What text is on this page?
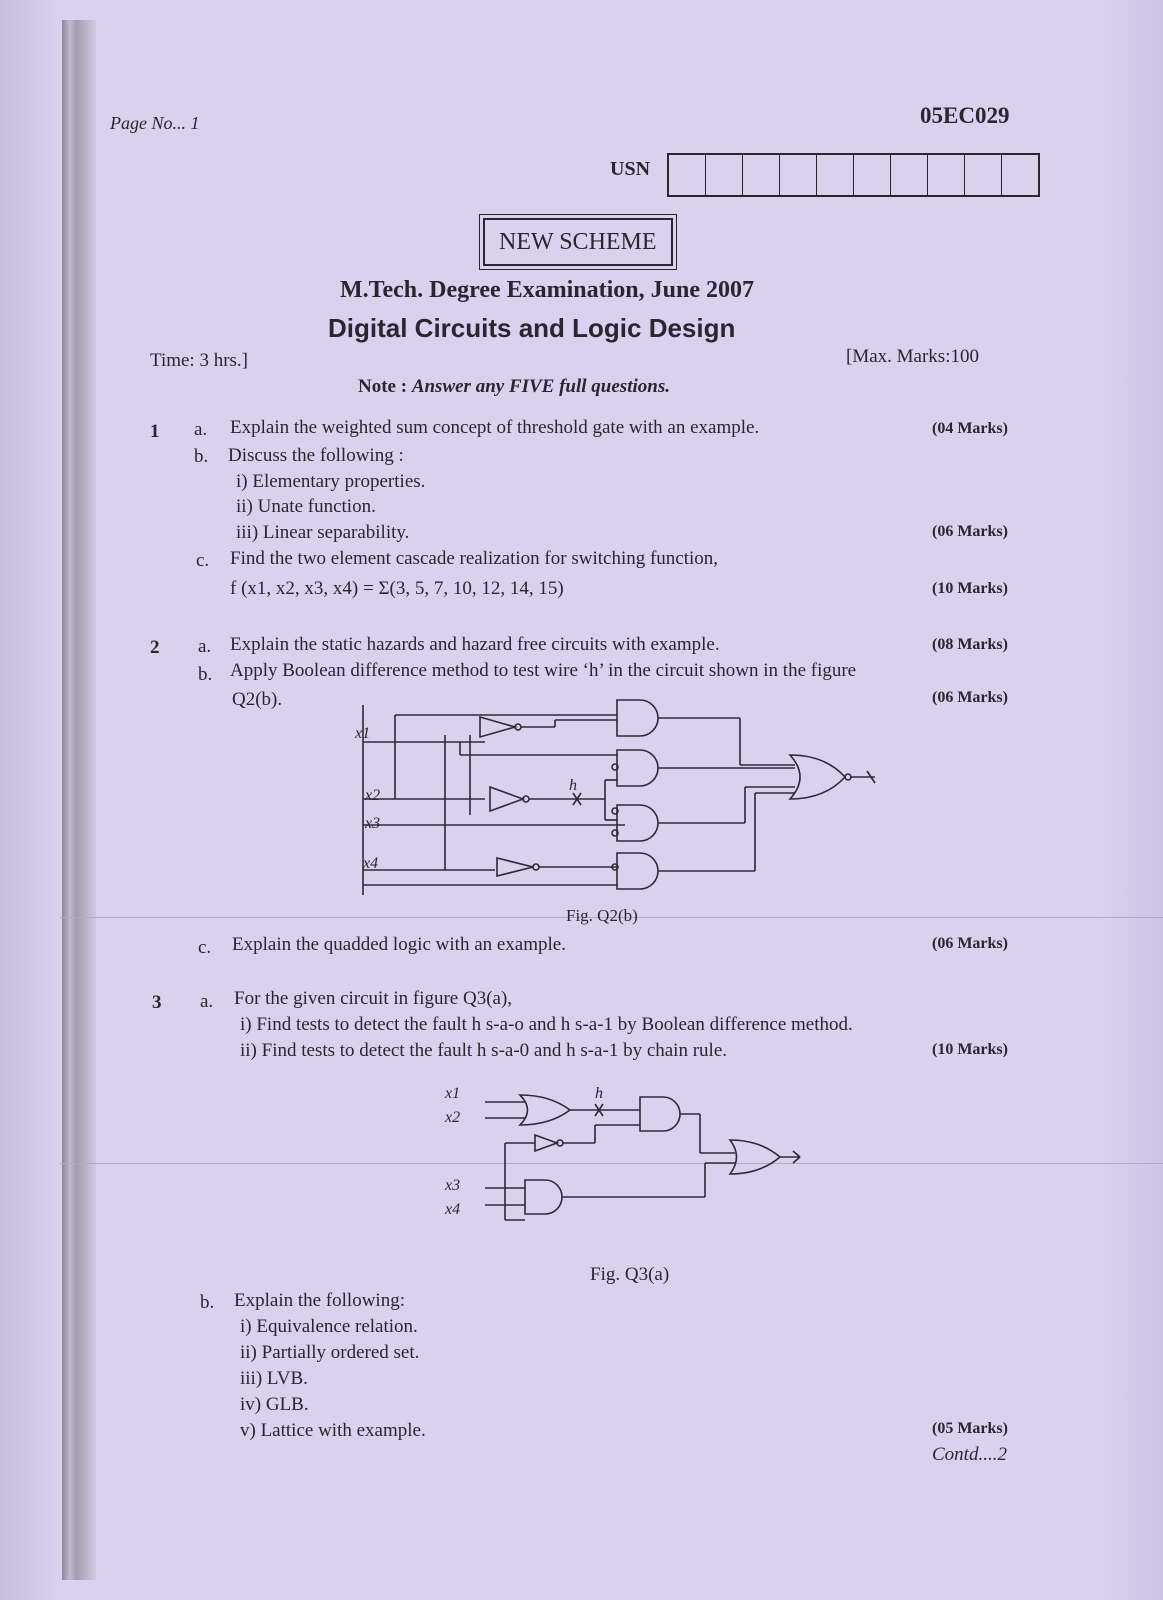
Page No... 1	05EC029
USN
NEW SCHEME
M.Tech. Degree Examination, June 2007
Digital Circuits and Logic Design
Time: 3 hrs.]	[Max. Marks:100
Note : Answer any FIVE full questions.
1 a. Explain the weighted sum concept of threshold gate with an example.	(04 Marks)
b. Discuss the following :
i) Elementary properties.
ii) Unate function.
iii) Linear separability.	(06 Marks)
c. Find the two element cascade realization for switching function,
f (x1, x2, x3, x4) = Σ(3, 5, 7, 10, 12, 14, 15)	(10 Marks)
2 a. Explain the static hazards and hazard free circuits with example.	(08 Marks)
b. Apply Boolean difference method to test wire ‘h’ in the circuit shown in the figure
Q2(b).	(06 Marks)
x1
x2
x3
x4
h
Fig. Q2(b)
c. Explain the quadded logic with an example.	(06 Marks)
3 a. For the given circuit in figure Q3(a),
i) Find tests to detect the fault h s-a-o and h s-a-1 by Boolean difference method.
ii) Find tests to detect the fault h s-a-0 and h s-a-1 by chain rule.	(10 Marks)
x1
x2
x3
x4
h
Fig. Q3(a)
b. Explain the following:
i) Equivalence relation.
ii) Partially ordered set.
iii) LVB.
iv) GLB.
v) Lattice with example.	(05 Marks)
Contd....2
